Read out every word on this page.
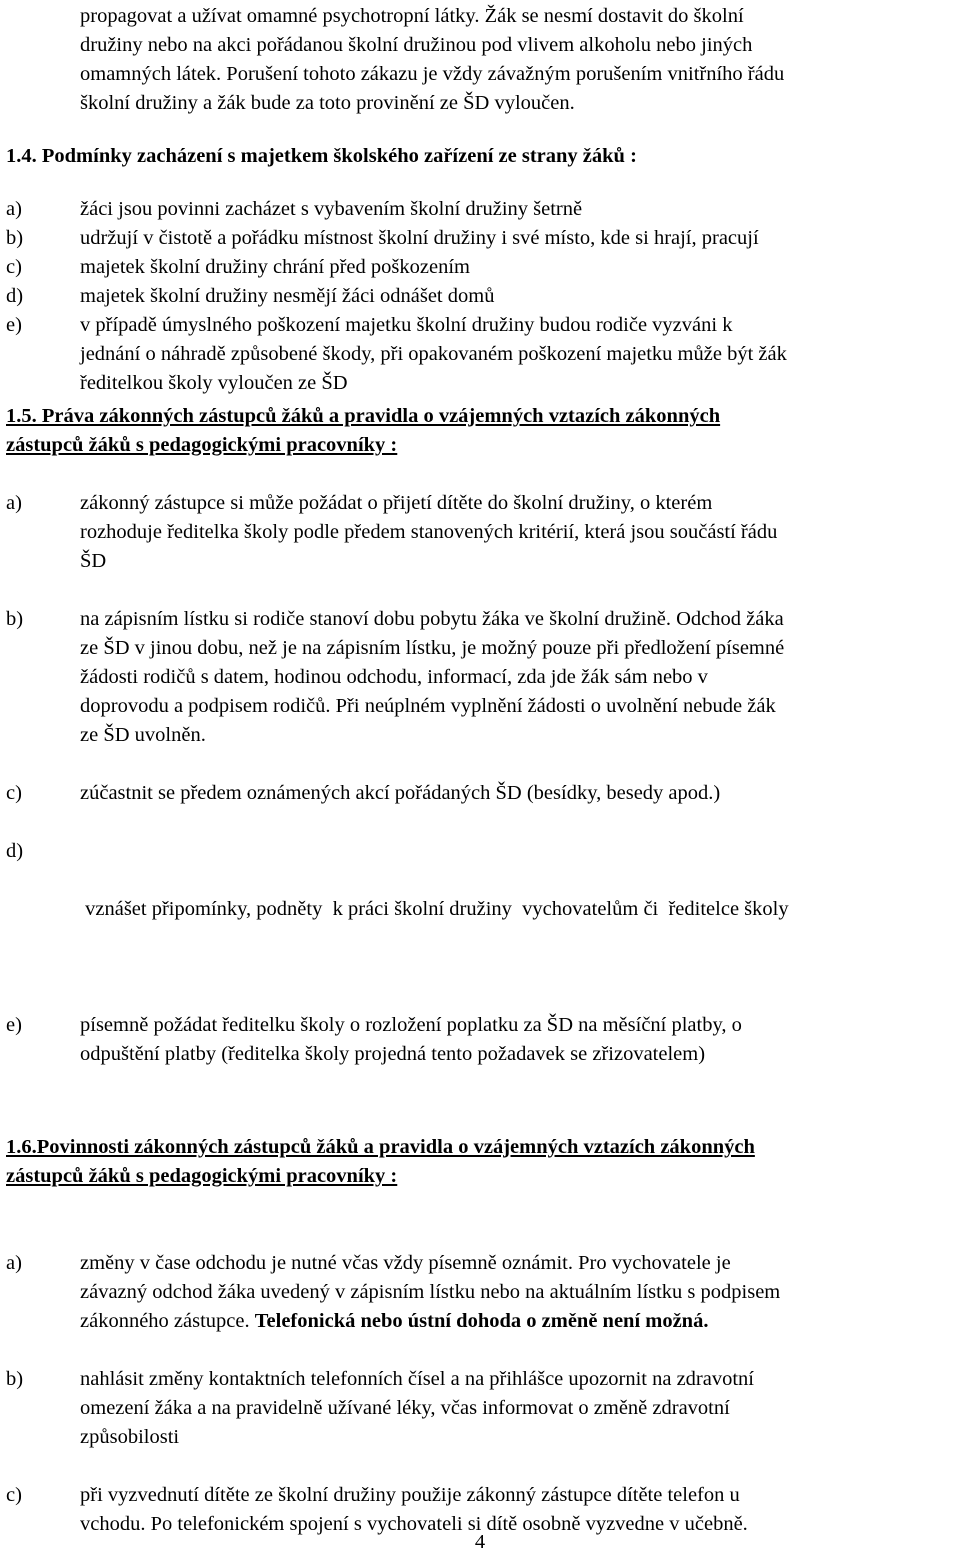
propagovat a užívat omamné psychotropní látky. Žák se nesmí dostavit do školní
družiny nebo na akci pořádanou školní družinou pod vlivem alkoholu nebo jiných
omamných látek. Porušení tohoto zákazu je vždy závažným porušením vnitřního řádu
školní družiny a žák bude za toto provinění ze ŠD vyloučen.
1.4. Podmínky zacházení s majetkem školského zařízení ze strany žáků :
a)	žáci jsou povinni zacházet s vybavením školní družiny šetrně
b)	udržují v čistotě a pořádku místnost školní družiny i své místo, kde si hrají, pracují
c)	majetek školní družiny chrání před poškozením
d)	majetek školní družiny nesmějí žáci odnášet domů
e)	v případě úmyslného poškození majetku školní družiny budou rodiče vyzváni k
jednání o náhradě způsobené škody, při opakovaném poškození majetku může být žák
ředitelkou školy vyloučen ze ŠD
1.5. Práva zákonných zástupců žáků a pravidla o vzájemných vztazích zákonných
zástupců žáků s pedagogickými pracovníky :
a)	zákonný zástupce si může požádat o přijetí dítěte do školní družiny, o kterém
rozhoduje ředitelka školy podle předem stanovených kritérií, která jsou součástí řádu
ŠD
b)	na zápisním lístku si rodiče stanoví dobu pobytu žáka ve školní družině. Odchod žáka
ze ŠD v jinou dobu, než je na zápisním lístku, je možný pouze při předložení písemné
žádosti rodičů s datem, hodinou odchodu, informací, zda jde žák sám nebo v
doprovodu a podpisem rodičů. Při neúplném vyplnění žádosti o uvolnění nebude žák
ze ŠD uvolněn.
c)	zúčastnit se předem oznámených akcí pořádaných ŠD (besídky, besedy apod.)
d)

vznášet připomínky, podněty  k práci školní družiny  vychovatelům či  ředitelce školy

e)	písemně požádat ředitelku školy o rozložení poplatku za ŠD na měsíční platby, o
odpuštění platby (ředitelka školy projedná tento požadavek se zřizovatelem)
1.6.Povinnosti zákonných zástupců žáků a pravidla o vzájemných vztazích zákonných
zástupců žáků s pedagogickými pracovníky :
a)	změny v čase odchodu je nutné včas vždy písemně oznámit. Pro vychovatele je
závazný odchod žáka uvedený v zápisním lístku nebo na aktuálním lístku s podpisem
zákonného zástupce. Telefonická nebo ústní dohoda o změně není možná.
b)	nahlásit změny kontaktních telefonních čísel a na přihlášce upozornit na zdravotní
omezení žáka a na pravidelně užívané léky, včas informovat o změně zdravotní
způsobilosti
c)	při vyzvednutí dítěte ze školní družiny použije zákonný zástupce dítěte telefon u
vchodu. Po telefonickém spojení s vychovateli si dítě osobně vyzvedne v učebně.
4
